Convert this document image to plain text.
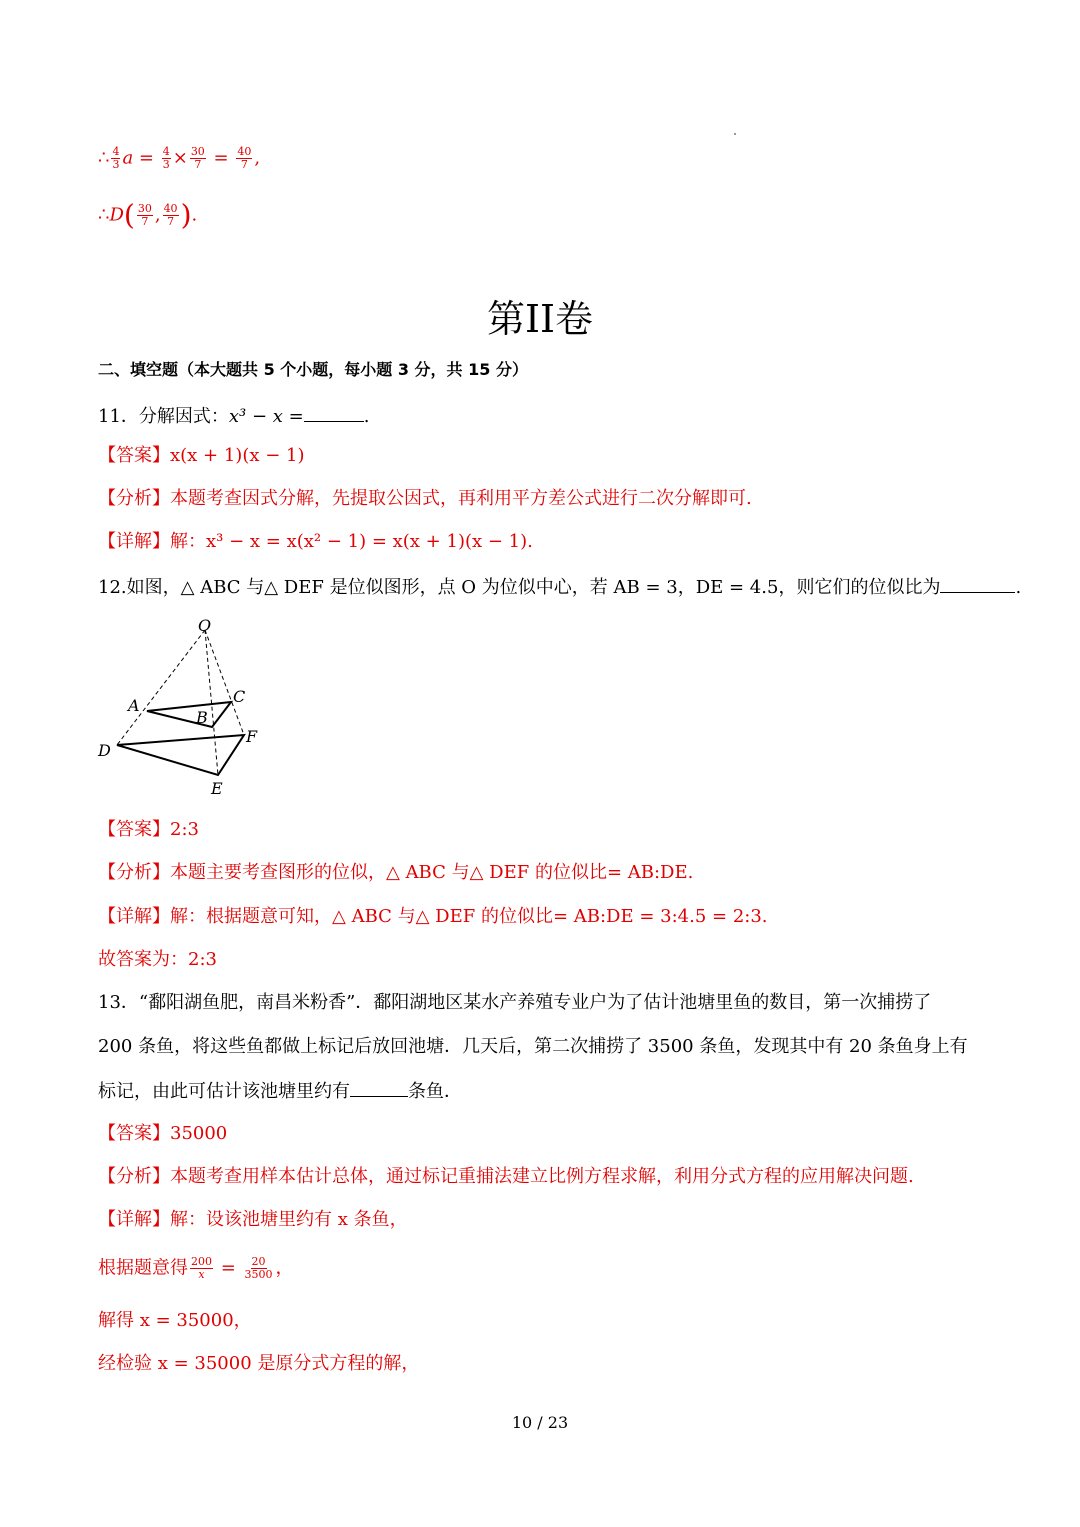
∴ $\frac{4}{3}$ $a = \frac{4}{3} \times \frac{30}{7} = \frac{40}{7}$ ,
∴D( $\frac{30}{7}$ , $\frac{40}{7}$ ).
第II卷
二、填空题（本大题共 5 个小题，每小题 3 分，共 15 分）
11．分解因式：x³ − x =	.
【答案】x(x + 1)(x − 1)
【分析】本题考查因式分解，先提取公因式，再利用平方差公式进行二次分解即可.
【详解】解：x³ − x = x(x² − 1) = x(x + 1)(x − 1).
12.如图，△ ABC 与△ DEF 是位似图形，点 O 为位似中心，若 AB = 3，DE = 4.5，则它们的位似比为	.
O
A
B
C
D
E
F
【答案】2:3
【分析】本题主要考查图形的位似，△ ABC 与△ DEF 的位似比= AB:DE.
【详解】解：根据题意可知，△ ABC 与△ DEF 的位似比= AB:DE = 3:4.5 = 2:3.
故答案为：2:3
13．“鄱阳湖鱼肥，南昌米粉香”．鄱阳湖地区某水产养殖专业户为了估计池塘里鱼的数目，第一次捕捞了
200 条鱼，将这些鱼都做上标记后放回池塘．几天后，第二次捕捞了 3500 条鱼，发现其中有 20 条鱼身上有
标记，由此可估计该池塘里约有	条鱼．
【答案】35000
【分析】本题考查用样本估计总体，通过标记重捕法建立比例方程求解，利用分式方程的应用解决问题.
【详解】解：设该池塘里约有 x 条鱼，
根据题意得 $\frac{200}{x} = \frac{20}{3500}$ ，
解得 x = 35000，
经检验 x = 35000 是原分式方程的解，
10 / 23
